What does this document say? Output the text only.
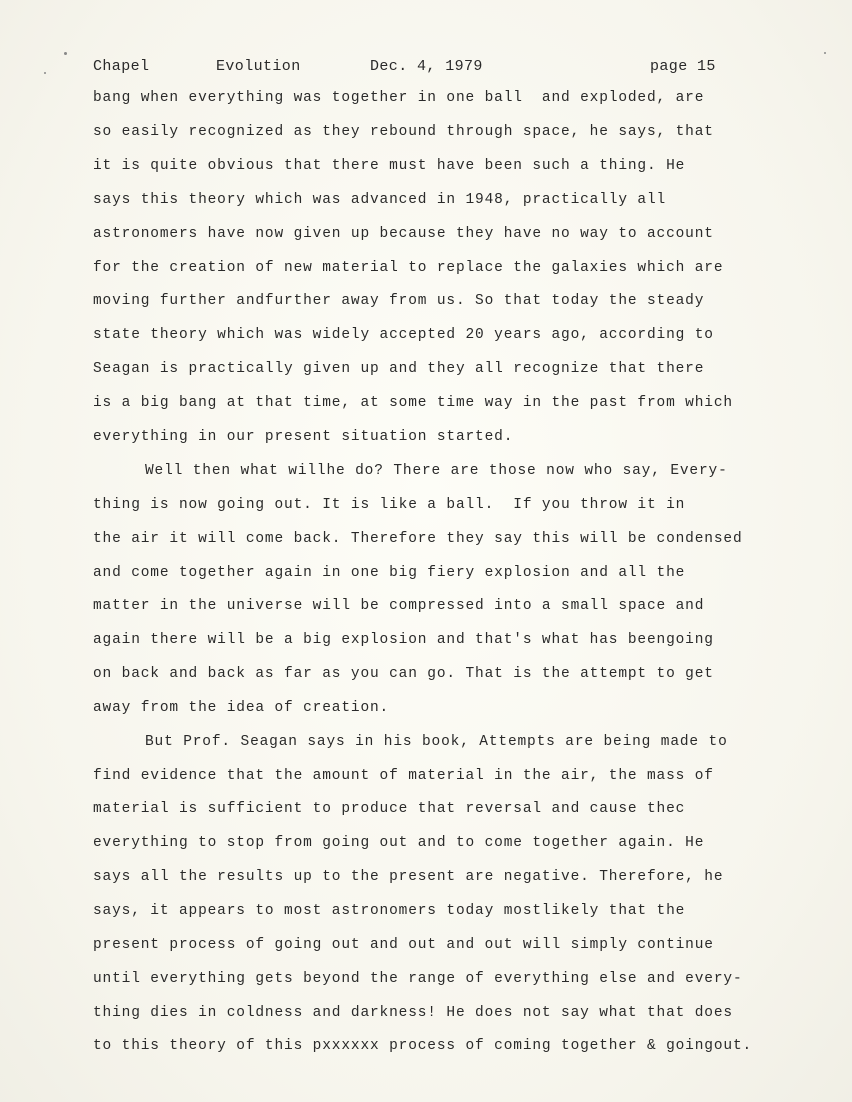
Chapel	Evolution	Dec. 4, 1979	page 15
bang when everything was together in one ball  and exploded, are
so easily recognized as they rebound through space, he says, that
it is quite obvious that there must have been such a thing. He
says this theory which was advanced in 1948, practically all
astronomers have now given up because they have no way to account
for the creation of new material to replace the galaxies which are
moving further andfurther away from us. So that today the steady
state theory which was widely accepted 20 years ago, according to
Seagan is practically given up and they all recognize that there
is a big bang at that time, at some time way in the past from which
everything in our present situation started.
Well then what willhe do? There are those now who say, Every-
thing is now going out. It is like a ball.  If you throw it in
the air it will come back. Therefore they say this will be condensed
and come together again in one big fiery explosion and all the
matter in the universe will be compressed into a small space and
again there will be a big explosion and that's what has beengoing
on back and back as far as you can go. That is the attempt to get
away from the idea of creation.
But Prof. Seagan says in his book, Attempts are being made to
find evidence that the amount of material in the air, the mass of
material is sufficient to produce that reversal and cause thec
everything to stop from going out and to come together again. He
says all the results up to the present are negative. Therefore, he
says, it appears to most astronomers today mostlikely that the
present process of going out and out and out will simply continue
until everything gets beyond the range of everything else and every-
thing dies in coldness and darkness! He does not say what that does
to this theory of this pxxxxxx process of coming together & goingout.
